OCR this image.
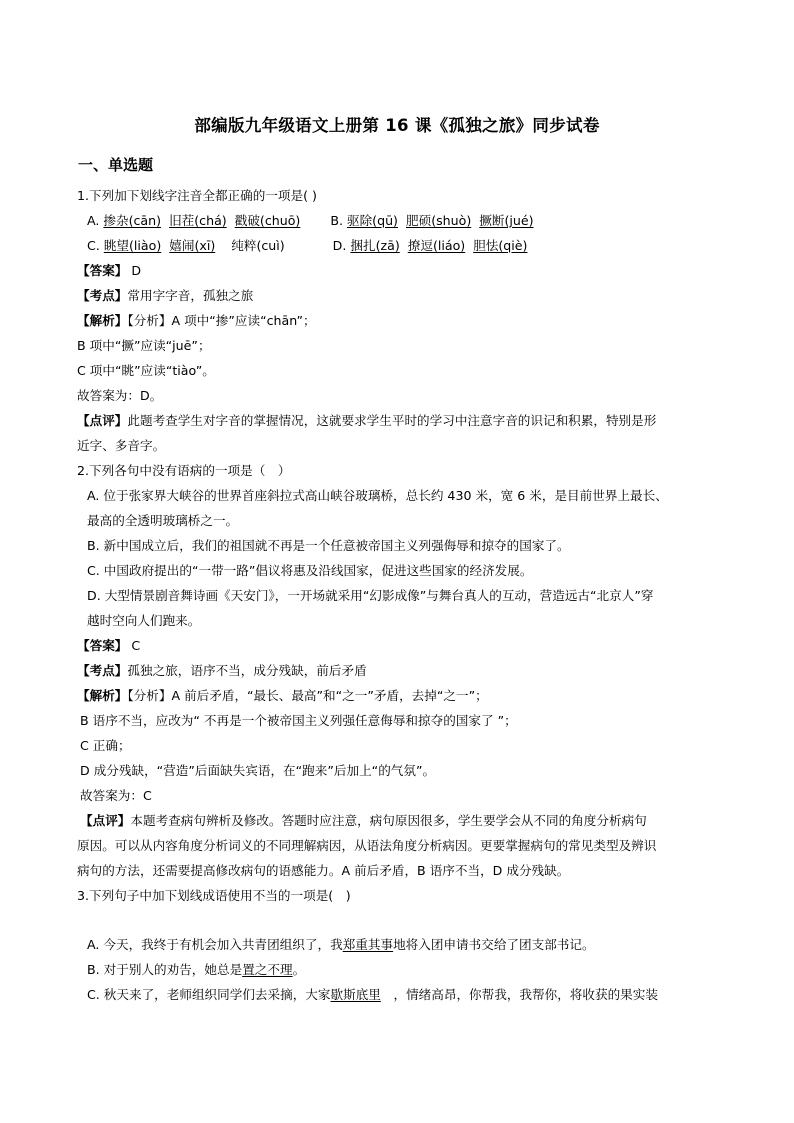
部编版九年级语文上册第 16 课《孤独之旅》同步试卷
一、单选题
1.下列加下划线字注音全都正确的一项是( )
A. 掺杂(cān) 旧茬(chá) 戳破(chuō) B. 驱除(qū) 肥硕(shuò) 撅断(jué)
C. 眺望(liào) 嬉闹(xī) 纯粹(cuì)	D. 捆扎(zā) 撩逗(liáo) 胆怯(qiè)
【答案】 D
【考点】常用字字音，孤独之旅
【解析】【分析】A 项中“掺”应读“chān”；
B 项中“撅”应读“juē”；
C 项中“眺”应读“tiào”。
故答案为：D。
【点评】此题考查学生对字音的掌握情况，这就要求学生平时的学习中注意字音的识记和积累，特别是形
近字、多音字。
2.下列各句中没有语病的一项是（　）
A. 位于张家界大峡谷的世界首座斜拉式高山峡谷玻璃桥，总长约 430 米，宽 6 米，是目前世界上最长、
最高的全透明玻璃桥之一。
B. 新中国成立后，我们的祖国就不再是一个任意被帝国主义列强侮辱和掠夺的国家了。
C. 中国政府提出的“一带一路”倡议将惠及沿线国家，促进这些国家的经济发展。
D. 大型情景剧音舞诗画《天安门》，一开场就采用“幻影成像”与舞台真人的互动，营造远古“北京人”穿
越时空向人们跑来。
【答案】 C
【考点】孤独之旅，语序不当，成分残缺，前后矛盾
【解析】【分析】A 前后矛盾，“最长、最高”和“之一”矛盾，去掉“之一”；
B 语序不当，应改为“ 不再是一个被帝国主义列强任意侮辱和掠夺的国家了 ”；
C 正确；
D 成分残缺，“营造”后面缺失宾语，在“跑来”后加上“的气氛”。
故答案为：C
【点评】本题考查病句辨析及修改。答题时应注意，病句原因很多，学生要学会从不同的角度分析病句
原因。可以从内容角度分析词义的不同理解病因，从语法角度分析病因。更要掌握病句的常见类型及辨识
病句的方法，还需要提高修改病句的语感能力。A 前后矛盾，B 语序不当，D 成分残缺。
3.下列句子中加下划线成语使用不当的一项是(　)
A. 今天，我终于有机会加入共青团组织了，我郑重其事地将入团申请书交给了团支部书记。
B. 对于别人的劝告，她总是置之不理。
C. 秋天来了，老师组织同学们去采摘，大家歇斯底里　，情绪高昂，你帮我，我帮你，将收获的果实装
